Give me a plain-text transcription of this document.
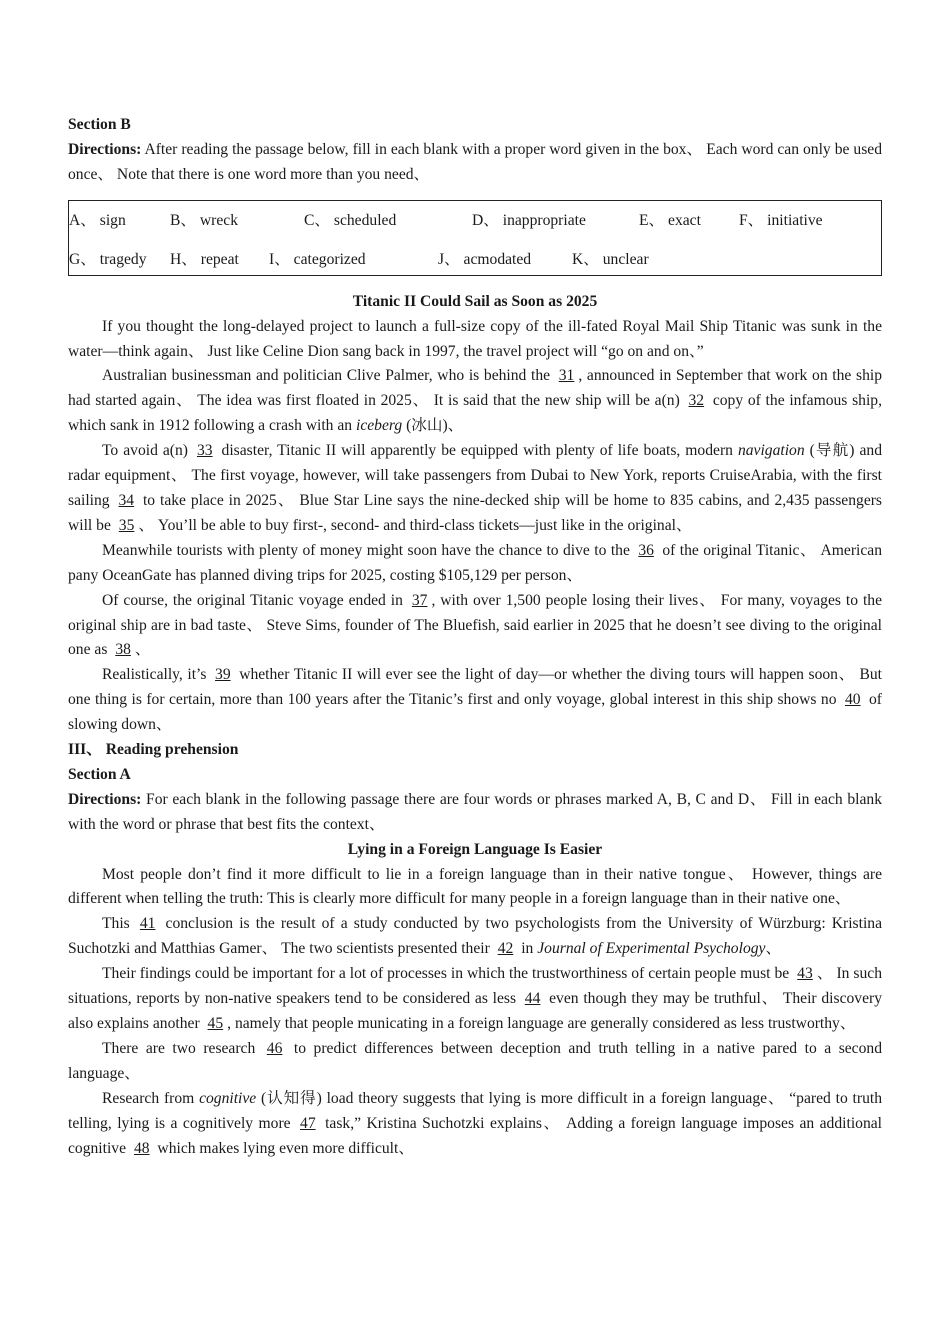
Section B

Directions: After reading the passage below, fill in each blank with a proper word given in the box、 Each word can only be used once、 Note that there is one word more than you need、

A、 sign	B、 wreck	C、 scheduled	D、 inappropriate	E、 exact	F、 initiative

G、 tragedy H、 repeat I、 categorized	J、 acmodated	K、 unclear

Titanic II Could Sail as Soon as 2025

If you thought the long-delayed project to launch a full-size copy of the ill-fated Royal Mail Ship Titanic was sunk in the water—think again、 Just like Celine Dion sang back in 1997, the travel project will “go on and on、”

Australian businessman and politician Clive Palmer, who is behind the 31 , announced in September that work on the ship had started again、 The idea was first floated in 2025、 It is said that the new ship will be a(n) 32 copy of the infamous ship, which sank in 1912 following a crash with an iceberg (冰山)、

To avoid a(n) 33 disaster, Titanic II will apparently be equipped with plenty of life boats, modern navigation (导航) and radar equipment、 The first voyage, however, will take passengers from Dubai to New York, reports CruiseArabia, with the first sailing 34 to take place in 2025、 Blue Star Line says the nine-decked ship will be home to 835 cabins, and 2,435 passengers will be 35 、 You’ll be able to buy first-, second- and third-class tickets—just like in the original、

Meanwhile tourists with plenty of money might soon have the chance to dive to the 36 of the original Titanic、 American pany OceanGate has planned diving trips for 2025, costing $105,129 per person、

Of course, the original Titanic voyage ended in 37 , with over 1,500 people losing their lives、 For many, voyages to the original ship are in bad taste、 Steve Sims, founder of The Bluefish, said earlier in 2025 that he doesn’t see diving to the original one as 38 、

Realistically, it’s 39 whether Titanic II will ever see the light of day—or whether the diving tours will happen soon、 But one thing is for certain, more than 100 years after the Titanic’s first and only voyage, global interest in this ship shows no 40 of slowing down、

III、 Reading prehension

Section A

Directions: For each blank in the following passage there are four words or phrases marked A, B, C and D、 Fill in each blank with the word or phrase that best fits the context、

Lying in a Foreign Language Is Easier

Most people don’t find it more difficult to lie in a foreign language than in their native tongue、 However, things are different when telling the truth: This is clearly more difficult for many people in a foreign language than in their native one、

This 41 conclusion is the result of a study conducted by two psychologists from the University of Würzburg: Kristina Suchotzki and Matthias Gamer、 The two scientists presented their 42 in Journal of Experimental Psychology、

Their findings could be important for a lot of processes in which the trustworthiness of certain people must be 43 、 In such situations, reports by non-native speakers tend to be considered as less 44 even though they may be truthful、 Their discovery also explains another 45 , namely that people municating in a foreign language are generally considered as less trustworthy、

There are two research 46 to predict differences between deception and truth telling in a native pared to a second language、

Research from cognitive (认知得) load theory suggests that lying is more difficult in a foreign language、 “pared to truth telling, lying is a cognitively more 47 task,” Kristina Suchotzki explains、 Adding a foreign language imposes an additional cognitive 48 which makes lying even more difficult、
